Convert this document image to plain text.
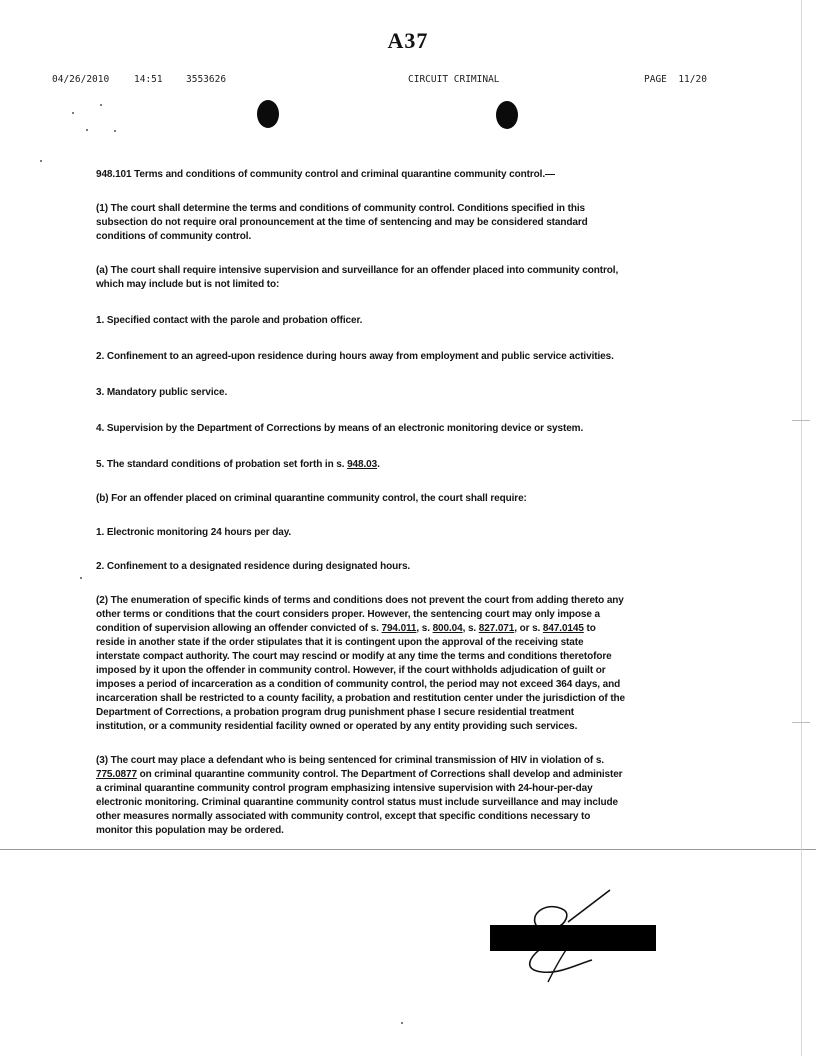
A37
04/26/2010	14:51 3553626	CIRCUIT CRIMINAL	PAGE  11/20

948.101 Terms and conditions of community control and criminal quarantine community control.—

(1) The court shall determine the terms and conditions of community control. Conditions specified in this subsection do not require oral pronouncement at the time of sentencing and may be considered standard conditions of community control.

(a) The court shall require intensive supervision and surveillance for an offender placed into community control, which may include but is not limited to:

1. Specified contact with the parole and probation officer.

2. Confinement to an agreed-upon residence during hours away from employment and public service activities.

3. Mandatory public service.

4. Supervision by the Department of Corrections by means of an electronic monitoring device or system.

5. The standard conditions of probation set forth in s. 948.03.

(b) For an offender placed on criminal quarantine community control, the court shall require:

1. Electronic monitoring 24 hours per day.

2. Confinement to a designated residence during designated hours.

(2) The enumeration of specific kinds of terms and conditions does not prevent the court from adding thereto any other terms or conditions that the court considers proper. However, the sentencing court may only impose a condition of supervision allowing an offender convicted of s. 794.011, s. 800.04, s. 827.071, or s. 847.0145 to reside in another state if the order stipulates that it is contingent upon the approval of the receiving state interstate compact authority. The court may rescind or modify at any time the terms and conditions theretofore imposed by it upon the offender in community control. However, if the court withholds adjudication of guilt or imposes a period of incarceration as a condition of community control, the period may not exceed 364 days, and incarceration shall be restricted to a county facility, a probation and restitution center under the jurisdiction of the Department of Corrections, a probation program drug punishment phase I secure residential treatment institution, or a community residential facility owned or operated by any entity providing such services.

(3) The court may place a defendant who is being sentenced for criminal transmission of HIV in violation of s. 775.0877 on criminal quarantine community control. The Department of Corrections shall develop and administer a criminal quarantine community control program emphasizing intensive supervision with 24-hour-per-day electronic monitoring. Criminal quarantine community control status must include surveillance and may include other measures normally associated with community control, except that specific conditions necessary to monitor this population may be ordered.
